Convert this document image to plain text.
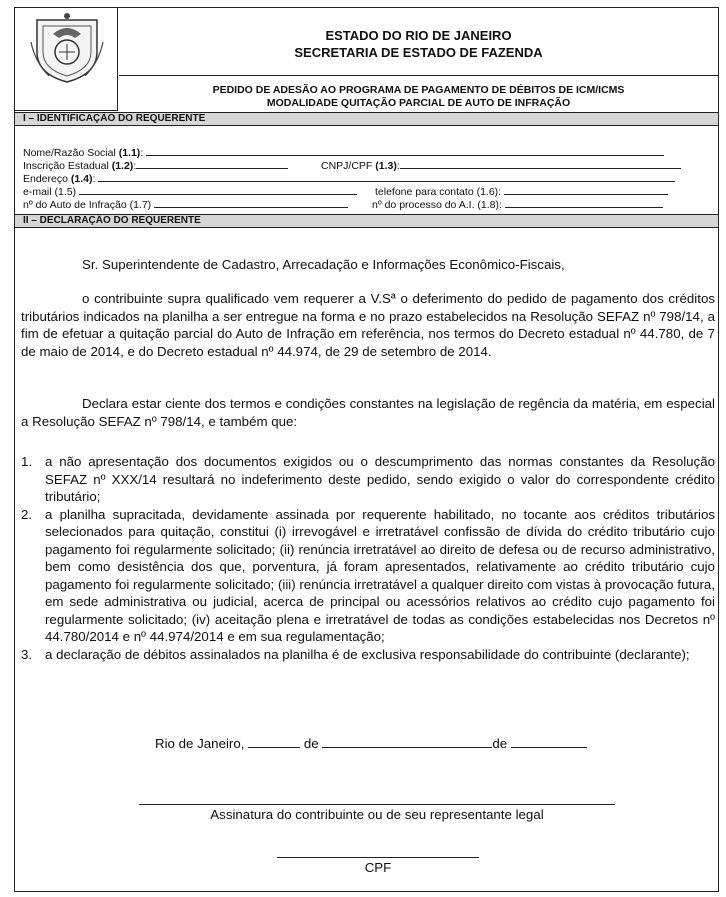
ESTADO DO RIO DE JANEIRO
SECRETARIA DE ESTADO DE FAZENDA
PEDIDO DE ADESÃO AO PROGRAMA DE PAGAMENTO DE DÉBITOS DE ICM/ICMS
MODALIDADE QUITAÇÃO PARCIAL DE AUTO DE INFRAÇÃO
I – IDENTIFICAÇÃO DO REQUERENTE
Nome/Razão Social (1.1):
Inscrição Estadual (1.2):	CNPJ/CPF (1.3):
Endereço (1.4):
e-mail (1.5)	telefone para contato (1.6):
nº do Auto de Infração (1.7)	nº do processo do A.I. (1.8):
II – DECLARAÇÃO DO REQUERENTE
Sr. Superintendente de Cadastro, Arrecadação e Informações Econômico-Fiscais,
o contribuinte supra qualificado vem requerer a V.Sª o deferimento do pedido de pagamento dos créditos tributários indicados na planilha a ser entregue na forma e no prazo estabelecidos na Resolução SEFAZ nº 798/14, a fim de efetuar a quitação parcial do Auto de Infração em referência, nos termos do Decreto estadual nº 44.780, de 7 de maio de 2014, e do Decreto estadual nº 44.974, de 29 de setembro de 2014.
Declara estar ciente dos termos e condições constantes na legislação de regência da matéria, em especial a Resolução SEFAZ nº 798/14, e também que:
1. a não apresentação dos documentos exigidos ou o descumprimento das normas constantes da Resolução SEFAZ nº XXX/14 resultará no indeferimento deste pedido, sendo exigido o valor do correspondente crédito tributário;
2. a planilha supracitada, devidamente assinada por requerente habilitado, no tocante aos créditos tributários selecionados para quitação, constitui (i) irrevogável e irretratável confissão de dívida do crédito tributário cujo pagamento foi regularmente solicitado; (ii) renúncia irretratável ao direito de defesa ou de recurso administrativo, bem como desistência dos que, porventura, já foram apresentados, relativamente ao crédito tributário cujo pagamento foi regularmente solicitado; (iii) renúncia irretratável a qualquer direito com vistas à provocação futura, em sede administrativa ou judicial, acerca de principal ou acessórios relativos ao crédito cujo pagamento foi regularmente solicitado; (iv) aceitação plena e irretratável de todas as condições estabelecidas nos Decretos nº 44.780/2014 e nº 44.974/2014 e em sua regulamentação;
3. a declaração de débitos assinalados na planilha é de exclusiva responsabilidade do contribuinte (declarante);
Rio de Janeiro,	de	de
Assinatura do contribuinte ou de seu representante legal
CPF
